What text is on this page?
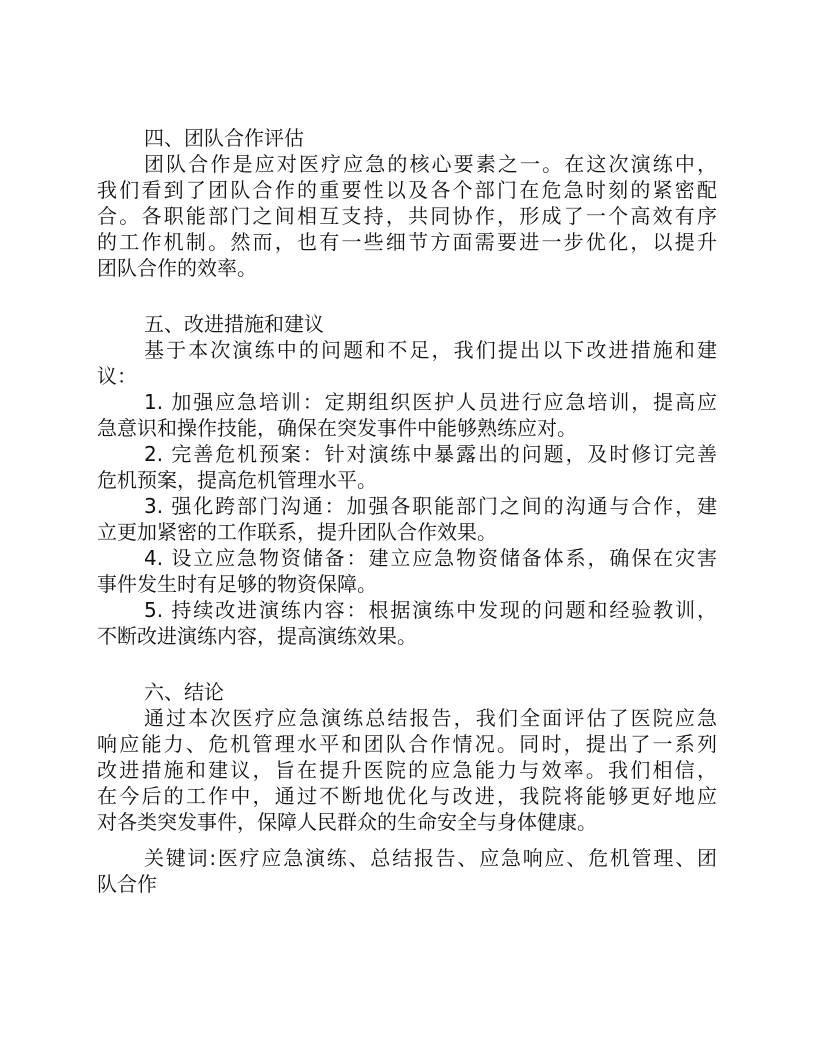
四、团队合作评估
团队合作是应对医疗应急的核心要素之一。在这次演练中，
我们看到了团队合作的重要性以及各个部门在危急时刻的紧密配
合。各职能部门之间相互支持，共同协作，形成了一个高效有序
的工作机制。然而，也有一些细节方面需要进一步优化，以提升
团队合作的效率。
五、改进措施和建议
基于本次演练中的问题和不足，我们提出以下改进措施和建
议：
1. 加强应急培训：定期组织医护人员进行应急培训，提高应
急意识和操作技能，确保在突发事件中能够熟练应对。
2. 完善危机预案：针对演练中暴露出的问题，及时修订完善
危机预案，提高危机管理水平。
3. 强化跨部门沟通：加强各职能部门之间的沟通与合作，建
立更加紧密的工作联系，提升团队合作效果。
4. 设立应急物资储备：建立应急物资储备体系，确保在灾害
事件发生时有足够的物资保障。
5. 持续改进演练内容：根据演练中发现的问题和经验教训，
不断改进演练内容，提高演练效果。
六、结论
通过本次医疗应急演练总结报告，我们全面评估了医院应急
响应能力、危机管理水平和团队合作情况。同时，提出了一系列
改进措施和建议，旨在提升医院的应急能力与效率。我们相信，
在今后的工作中，通过不断地优化与改进，我院将能够更好地应
对各类突发事件，保障人民群众的生命安全与身体健康。
关键词:医疗应急演练、总结报告、应急响应、危机管理、团
队合作
